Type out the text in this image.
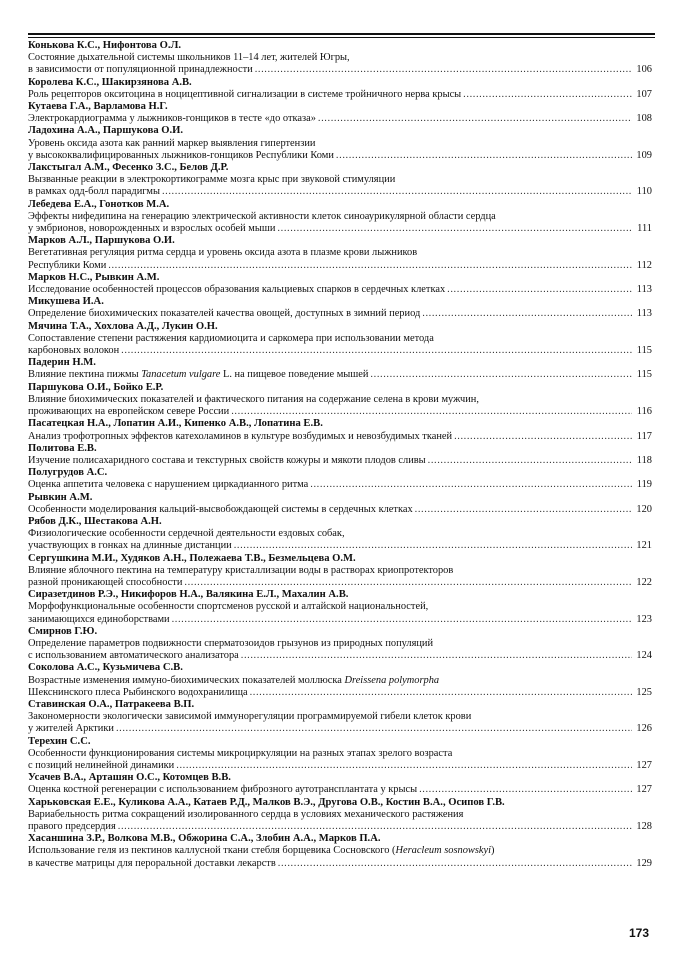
Конькова К.С., Нифонтова О.Л.
Состояние дыхательной системы школьников 11–14 лет, жителей Югры,
в зависимости от популяционной принадлежности .....	106
Королева К.С., Шакирзянова А.В.
Роль рецепторов окситоцина в ноцицептивной сигнализации в системе тройничного нерва крысы .....	107
Кутаева Г.А., Варламова Н.Г.
Электрокардиограмма у лыжников-гонщиков в тесте «до отказа» .....	108
Ладохина А.А., Паршукова О.И.
Уровень оксида азота как ранний маркер выявления гипертензии
у высококвалифицированных лыжников-гонщиков Республики Коми .....	109
Лакстыгал А.М., Фесенко З.С., Белов Д.Р.
Вызванные реакции в электрокортикограмме мозга крыс при звуковой стимуляции
в рамках одд-болл парадигмы .....	110
Лебедева Е.А., Гонотков М.А.
Эффекты нифедипина на генерацию электрической активности клеток синоаурикулярной области сердца
у эмбрионов, новорожденных и взрослых особей мыши .....	111
Марков А.Л., Паршукова О.И.
Вегетативная регуляция ритма сердца и уровень оксида азота в плазме крови лыжников
Республики Коми .....	112
Марков Н.С., Рывкин А.М.
Исследование особенностей процессов образования кальциевых спарков в сердечных клетках .....	113
Микушева И.А.
Определение биохимических показателей качества овощей, доступных в зимний период .....	113
Мячина Т.А., Хохлова А.Д., Лукин О.Н.
Сопоставление степени растяжения кардиомиоцита и саркомера при использовании метода
карбоновых волокон .....	115
Падерин Н.М.
Влияние пектина пижмы Tanacetum vulgare L. на пищевое поведение мышей .....	115
Паршукова О.И., Бойко Е.Р.
Влияние биохимических показателей и фактического питания на содержание селена в крови мужчин,
проживающих на европейском севере России .....	116
Пасатецкая Н.А., Лопатин А.И., Кипенко А.В., Лопатина Е.В.
Анализ трофотропных эффектов катехоламинов в культуре возбудимых и невозбудимых тканей .....	117
Политова Е.В.
Изучение полисахаридного состава и текстурных свойств кожуры и мякоти плодов сливы .....	118
Полугрудов А.С.
Оценка аппетита человека с нарушением циркадианного ритма .....	119
Рывкин А.М.
Особенности моделирования кальций-высвобождающей системы в сердечных клетках .....	120
Рябов Д.К., Шестакова А.Н.
Физиологические особенности сердечной деятельности ездовых собак,
участвующих в гонках на длинные дистанции .....	121
Сергушкина М.И., Худяков А.Н., Полежаева Т.В., Безмельцева О.М.
Влияние яблочного пектина на температуру кристаллизации воды в растворах криопротекторов
разной проникающей способности .....	122
Сиразетдинов Р.Э., Никифоров Н.А., Валякина Е.Л., Махалин А.В.
Морфофункциональные особенности спортсменов русской и алтайской национальностей,
занимающихся единоборствами .....	123
Смирнов Г.Ю.
Определение параметров подвижности сперматозоидов грызунов из природных популяций
с использованием автоматического анализатора .....	124
Соколова А.С., Кузьмичева С.В.
Возрастные изменения иммуно-биохимических показателей моллюска Dreissena polymorpha
Шекснинского плеса Рыбинского водохранилища .....	125
Ставинская О.А., Патракеева В.П.
Закономерности экологически зависимой иммунорегуляции программируемой гибели клеток крови
у жителей Арктики .....	126
Терехин С.С.
Особенности функционирования системы микроциркуляции на разных этапах зрелого возраста
с позиций нелинейной динамики .....	127
Усачев В.А., Арташян О.С., Котомцев В.В.
Оценка костной регенерации с использованием фиброзного аутотрансплантата у крысы .....	127
Харьковская Е.Е., Куликова А.А., Катаев Р.Д., Малков В.Э., Другова О.В., Костин В.А., Осипов Г.В.
Вариабельность ритма сокращений изолированного сердца в условиях механического растяжения
правого предсердия .....	128
Хасаншина З.Р., Волкова М.В., Обжорина С.А., Злобин А.А., Марков П.А.
Использование геля из пектинов каллусной ткани стебля борщевика Сосновского (Heracleum sosnowskyi)
в качестве матрицы для пероральной доставки лекарств .....	129
173
